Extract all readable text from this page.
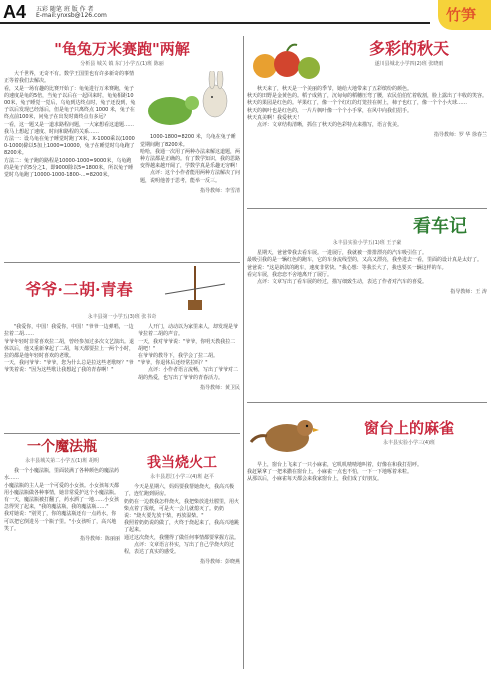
A4 五彩 随笔 班 版 作 者
E-mail:ynxsb@126.com	竹笋
"龟兔万米赛跑"两解
分析县 城关 镇 东门小学五(1)班 陈丽

大千世界，无奇不有。数学王国里也有许多新奇的事情正等着我们去解决。
看，又是一场有趣的比赛开始了：龟兔进行万米赛跑，兔子的速度是龟的5倍，当兔子以后在一起回来时，龟兔相距1000米，兔子睡觉一觉后，乌龟到达终点时，兔子还没到，兔子以后发现已经落后，但是龟子只离终点 1000 米，兔子在终点前100米，问兔子在出发时离终点有多远？
一看，这一题又是一道求路程问题，一大家想看这道题……我马上想起了速度、时间和路程的关系……
方法一：设乌龟在兔子睡觉时跑了X米，X-1000乘以(10000-1000)除以5加上1000=10000，兔子在睡觉时乌龟跑了8200米。
方法二：兔子跑的路程是10000-1000=9000米，乌龟跑的是兔子的5分之1，即9000除以5=1800米，所以兔子睡觉时乌龟跑了10000-1000-1800-...=8200米。

1000-1800=8200 米，乌龟在兔子睡觉期间跑了8200米。
哈哈，我通一次用了两种办法来解这道题，两种方法都是正确的。有了数学知识，我的思路变得越来越开阔了，学数学真是乐趣无穷啊！

点评：这个小作者能用两种方法解决了问题，说明他善于思考，能举一反三。

指导教师：李雪清
爷爷·二胡·青春
永丰县第一小学五(3)班 张书奇

"我爱你，中国！我爱你，中国！"爷爷一边弹唱，一边拉着二胡……
爷爷年轻时非常喜欢拉二胡，曾经参加过多次文艺演出。退休以后，他又重新拿起了二胡，每天都要拉上一两个小时，拉的都是他年轻时喜欢的老歌。
一天，我问爷爷："爷爷，您为什么总是拉这些老歌呀？"爷爷笑着说："因为这些歌让我想起了我的青春啊！"

人开门，动动以为家里来人，却发现是爷爷拉着二胡的声音。
一天，我对爷爷说："爷爷，你明天教我拉二胡吧！"
在爷爷的教导下，我学会了拉二胡。
"爷爷，你退休后还经常拉吗？"

点评：小作者语言流畅，写出了爷爷对二胡的热爱，也写出了爷爷的青春活力。

指导教师：黄卫民
一个魔法瓶
永丰县城关第二小学五(1)班 胡明

我一个小魔法瓶，里面装满了各种颜色的魔法药水……
小魔法瓶的主人是一个可爱的小女孩。小女孩每天都用小魔法瓶做各种事情，她非常爱护这个小魔法瓶。
有一天，魔法瓶被打翻了，药水洒了一地……小女孩急得哭了起来，"我的魔法瓶，我的魔法瓶……"
我对她说："别哭了，你的魔法瓶还有一点药水，你可以把它倒进另一个瓶子里。"小女孩听了，高兴地笑了。

指导教师：陈丽丽
我当烧火工
永丰县恩江小学三(4)班 赵平

今天是星期六，妈妈要我帮她烧火，我高兴极了，连忙跑到厨房。
奶奶在一边教我怎样烧火，我把柴放进灶膛里，用火柴点着了报纸，可是火一会儿就熄灭了。奶奶说："烧火要先放干柴，再放湿柴。"
我照着奶奶说的做了，火终于烧起来了，我高兴地跳了起来。
通过这次烧火，我懂得了做任何事情都要掌握方法。

点评：文章语言朴实，写出了自己学烧火的过程，表达了真实的感受。

指导教师：彭晓燕
多彩的秋天
遂川县城北小学四(2)班 张晓雨

秋天来了，秋天是一个美丽的季节，她给大地带来了五彩缤纷的颜色。
秋天的田野是金黄色的。稻子成熟了，沉甸甸的稻穗压弯了腰，农民伯伯忙着收割，脸上露出了丰收的笑容。
秋天的果园是红色的。苹果红了，像一个个红红的灯笼挂在树上，柿子也红了，像一个个小火球……
秋天的枫叶也是红色的，一片片枫叶像一个个小手掌，在风中向我们招手。
秋天真美啊！我爱秋天！

点评：文章结构清晰，抓住了秋天的色彩特点来描写，语言优美。

指导教师：罗 华 徐春兰
看车记
永丰县实验小学五(1)班 王子豪

星期天，爸爸带我去看车展。一进展厅，我就被一排排漂亮的汽车吸引住了。
最吸引我的是一辆红色的跑车，它的车身流线型的，又高又漂亮，我坐进去一看，里面的设计真是太好了。
爸爸说："这是新款的跑车，速度非常快。"我心想：等我长大了，我也要买一辆这样的车。
看完车展，我恋恋不舍地离开了展厅。

点评：文章写出了看车展的经过，描写细致生动，表达了作者对汽车的喜爱。

指导教师：王 涛
窗台上的麻雀
永丰县实验小学三(4)班

早上，窗台上飞来了一只小麻雀，它叽叽喳喳地叫着，好像在和我打招呼。
我赶紧拿了一把米撒在窗台上，小麻雀一点也不怕，一下一下地啄着米粒。
从那以后，小麻雀每天都会来我家窗台上，我们成了好朋友。
